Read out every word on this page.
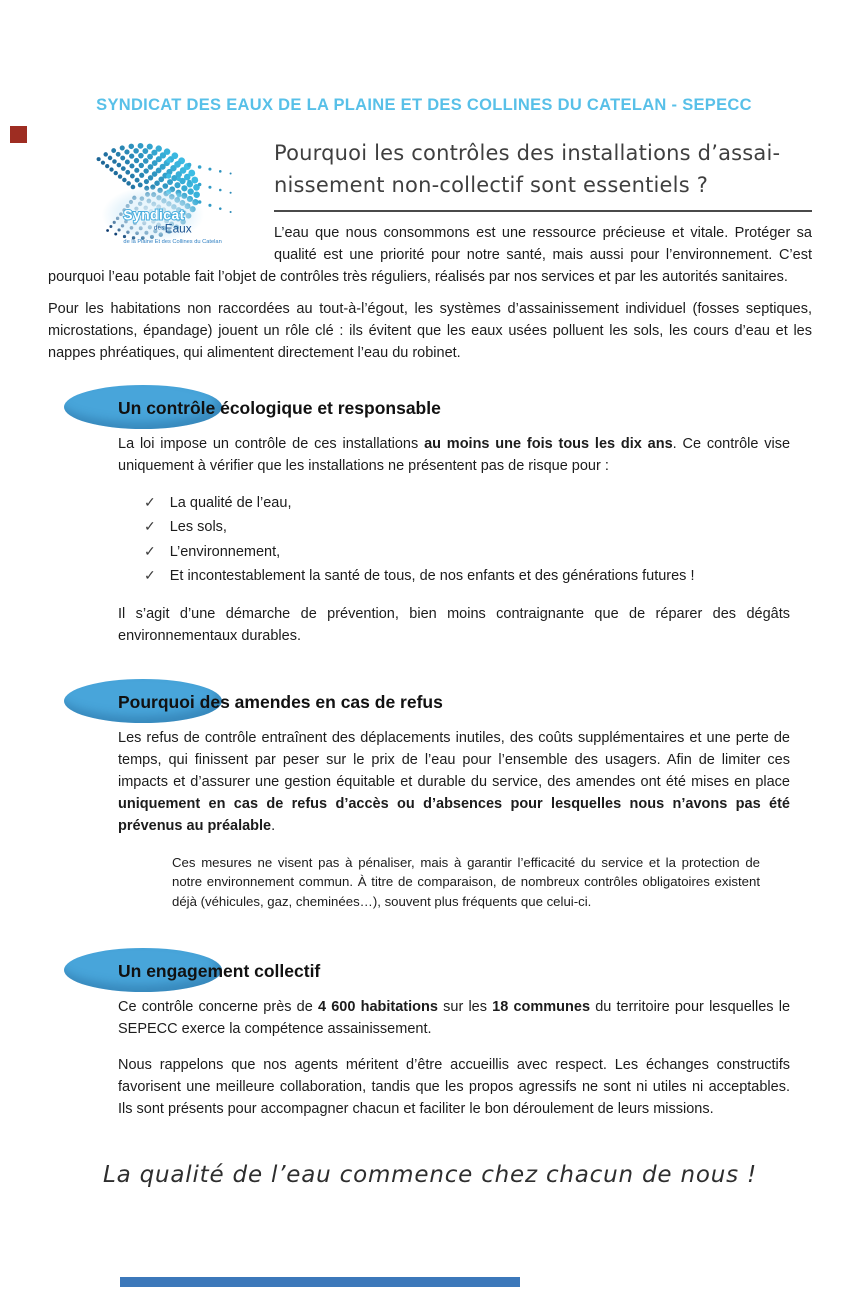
SYNDICAT DES EAUX DE LA PLAINE ET DES COLLINES DU CATELAN - SEPECC
Syndicat
des Eaux
de la Plaine Et des Collines du Catelan
Pourquoi les contrôles des installations d’assai-
nissement non-collectif sont essentiels ?

L’eau que nous consommons est une ressource précieuse et vitale. Protéger sa qualité est une priorité pour notre santé, mais aussi pour l’environnement. C’est pourquoi l’eau potable fait l’objet de contrôles très réguliers, réalisés par nos services et par les autorités sanitaires.

Pour les habitations non raccordées au tout-à-l’égout, les systèmes d’assainissement individuel (fosses septiques, microstations, épandage) jouent un rôle clé : ils évitent que les eaux usées polluent les sols, les cours d’eau et les nappes phréatiques, qui alimentent directement l’eau du robinet.

Un contrôle écologique et responsable

La loi impose un contrôle de ces installations au moins une fois tous les dix ans. Ce contrôle vise uniquement à vérifier que les installations ne présentent pas de risque pour :

✓ La qualité de l’eau,
✓ Les sols,
✓ L’environnement,
✓ Et incontestablement la santé de tous, de nos enfants et des générations futures !

Il s’agit d’une démarche de prévention, bien moins contraignante que de réparer des dégâts environnementaux durables.

Pourquoi des amendes en cas de refus

Les refus de contrôle entraînent des déplacements inutiles, des coûts supplémentaires et une perte de temps, qui finissent par peser sur le prix de l’eau pour l’ensemble des usagers. Afin de limiter ces impacts et d’assurer une gestion équitable et durable du service, des amendes ont été mises en place uniquement en cas de refus d’accès ou d’absences pour lesquelles nous n’avons pas été prévenus au préalable.

Ces mesures ne visent pas à pénaliser, mais à garantir l’efficacité du service et la protection de notre environnement commun. À titre de comparaison, de nombreux contrôles obligatoires existent déjà (véhicules, gaz, cheminées…), souvent plus fréquents que celui-ci.

Un engagement collectif

Ce contrôle concerne près de 4 600 habitations sur les 18 communes du territoire pour lesquelles le SEPECC exerce la compétence assainissement.

Nous rappelons que nos agents méritent d’être accueillis avec respect. Les échanges constructifs favorisent une meilleure collaboration, tandis que les propos agressifs ne sont ni utiles ni acceptables. Ils sont présents pour accompagner chacun et faciliter le bon déroulement de leurs missions.

La qualité de l’eau commence chez chacun de nous !
